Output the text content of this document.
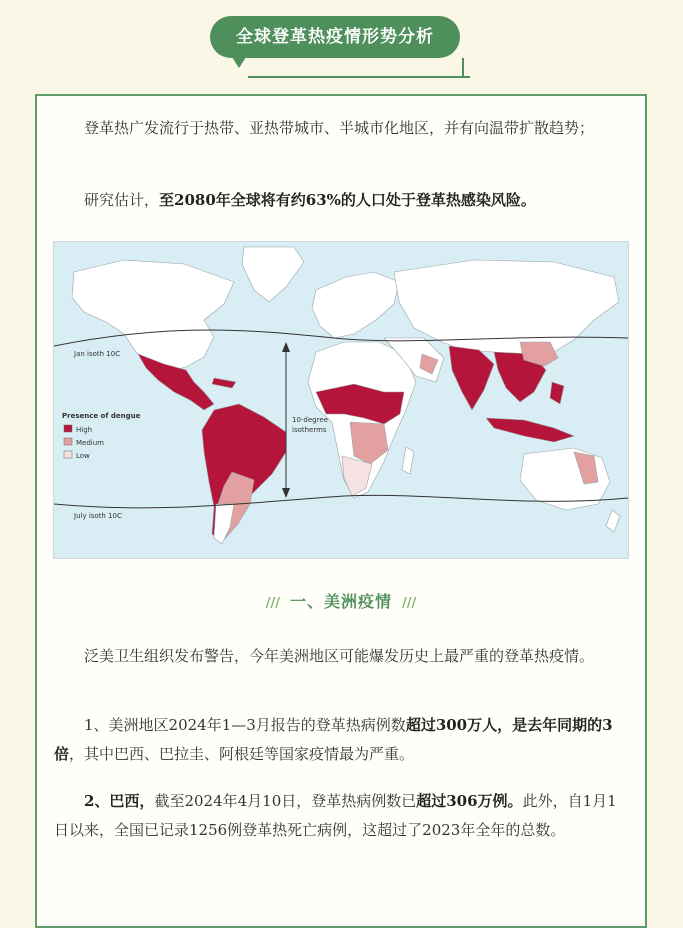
全球登革热疫情形势分析
登革热广发流行于热带、亚热带城市、半城市化地区，并有向温带扩散趋势；
研究估计，至2080年全球将有约63%的人口处于登革热感染风险。
Jan isoth 10C
July isoth 10C
10-degree
isotherms
Presence of dengue
High
Medium
Low
/// 一、美洲疫情 ///
泛美卫生组织发布警告，今年美洲地区可能爆发历史上最严重的登革热疫情。
1、美洲地区2024年1—3月报告的登革热病例数超过300万人，是去年同期的3倍，其中巴西、巴拉圭、阿根廷等国家疫情最为严重。
2、巴西，截至2024年4月10日，登革热病例数已超过306万例。此外，自1月1日以来，全国已记录1256例登革热死亡病例，这超过了2023年全年的总数。
